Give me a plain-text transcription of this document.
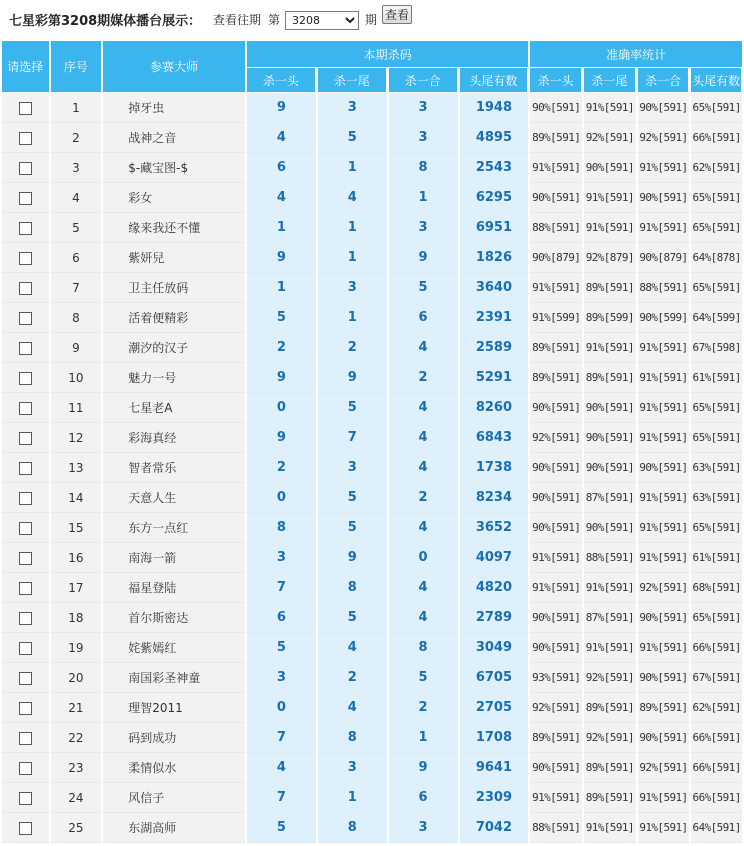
七星彩第3208期媒体播台展示： 查看往期 第
3208	期 查看
请选择	序号	参赛大师	本期杀码				准确率统计			
			杀一头	杀一尾	杀一合	头尾有数	杀一头	杀一尾	杀一合	头尾有数
	1	掉牙虫	9	3	3	1948	90%[591]	91%[591]	90%[591]	65%[591]
	2	战神之音	4	5	3	4895	89%[591]	92%[591]	92%[591]	66%[591]
	3	$-藏宝图-$	6	1	8	2543	91%[591]	90%[591]	91%[591]	62%[591]
	4	彩女	4	4	1	6295	90%[591]	91%[591]	90%[591]	65%[591]
	5	缘来我还不懂	1	1	3	6951	88%[591]	91%[591]	91%[591]	65%[591]
	6	紫妍兒	9	1	9	1826	90%[879]	92%[879]	90%[879]	64%[878]
	7	卫主任放码	1	3	5	3640	91%[591]	89%[591]	88%[591]	65%[591]
	8	活着便精彩	5	1	6	2391	91%[599]	89%[599]	90%[599]	64%[599]
	9	潮汐的汉子	2	2	4	2589	89%[591]	91%[591]	91%[591]	67%[598]
	10	魅力一号	9	9	2	5291	89%[591]	89%[591]	91%[591]	61%[591]
	11	七星老A	0	5	4	8260	90%[591]	90%[591]	91%[591]	65%[591]
	12	彩海真经	9	7	4	6843	92%[591]	90%[591]	91%[591]	65%[591]
	13	智者常乐	2	3	4	1738	90%[591]	90%[591]	90%[591]	63%[591]
	14	天意人生	0	5	2	8234	90%[591]	87%[591]	91%[591]	63%[591]
	15	东方一点红	8	5	4	3652	90%[591]	90%[591]	91%[591]	65%[591]
	16	南海一箭	3	9	0	4097	91%[591]	88%[591]	91%[591]	61%[591]
	17	福星登陆	7	8	4	4820	91%[591]	91%[591]	92%[591]	68%[591]
	18	首尔斯密达	6	5	4	2789	90%[591]	87%[591]	90%[591]	65%[591]
	19	姹紫嫣红	5	4	8	3049	90%[591]	91%[591]	91%[591]	66%[591]
	20	南国彩圣神童	3	2	5	6705	93%[591]	92%[591]	90%[591]	67%[591]
	21	理智2011	0	4	2	2705	92%[591]	89%[591]	89%[591]	62%[591]
	22	码到成功	7	8	1	1708	89%[591]	92%[591]	90%[591]	66%[591]
	23	柔情似水	4	3	9	9641	90%[591]	89%[591]	92%[591]	66%[591]
	24	风信子	7	1	6	2309	91%[591]	89%[591]	91%[591]	66%[591]
	25	东湖高师	5	8	3	7042	88%[591]	91%[591]	91%[591]	64%[591]
